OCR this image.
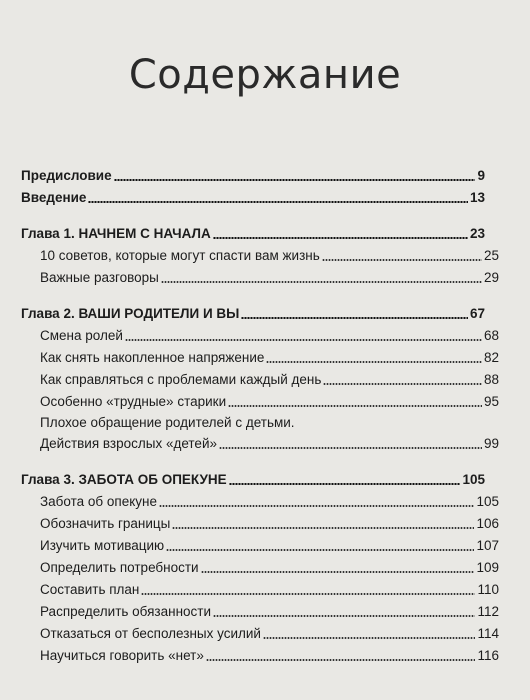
Содержание
Предисловие	9
Введение	13
Глава 1. НАЧНЕМ С НАЧАЛА	23
10 советов, которые могут спасти вам жизнь	25
Важные разговоры	29
Глава 2. ВАШИ РОДИТЕЛИ И ВЫ	67
Смена ролей	68
Как снять накопленное напряжение	82
Как справляться с проблемами каждый день	88
Особенно «трудные» старики	95
Плохое обращение родителей с детьми.
Действия взрослых «детей»	99
Глава 3. ЗАБОТА ОБ ОПЕКУНЕ	105
Забота об опекуне	105
Обозначить границы	106
Изучить мотивацию	107
Определить потребности	109
Составить план	110
Распределить обязанности	112
Отказаться от бесполезных усилий	114
Научиться говорить «нет»	116
